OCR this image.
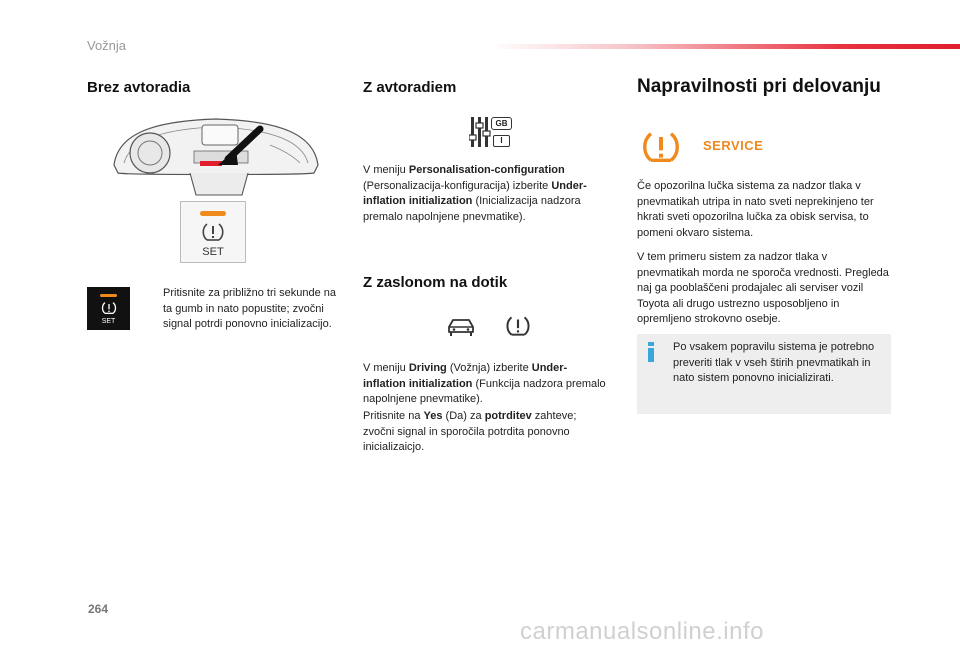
Vožnja
Brez avtoradia
SET
SET

Pritisnite za približno tri sekunde na ta gumb in nato popustite; zvočni signal potrdi ponovno inicializacijo.

Z avtoradiem
GB
I

V meniju Personalisation-configuration (Personalizacija-konfiguracija) izberite Under-inflation initialization (Inicializacija nadzora premalo napolnjene pnevmatike).

Z zaslonom na dotik

V meniju Driving (Vožnja) izberite Under-inflation initialization (Funkcija nadzora premalo napolnjene pnevmatike).

Pritisnite na Yes (Da) za potrditev zahteve; zvočni signal in sporočila potrdita ponovno inicializaicjo.

Napravilnosti pri delovanju
SERVICE

Če opozorilna lučka sistema za nadzor tlaka v pnevmatikah utripa in nato sveti neprekinjeno ter hkrati sveti opozorilna lučka za obisk servisa, to pomeni okvaro sistema.

V tem primeru sistem za nadzor tlaka v pnevmatikah morda ne sporoča vrednosti. Pregleda naj ga pooblaščeni prodajalec ali serviser vozil Toyota ali drugo ustrezno usposobljeno in opremljeno strokovno osebje.

Po vsakem popravilu sistema je potrebno preveriti tlak v vseh štirih pnevmatikah in nato sistem ponovno inicializirati.

264
carmanualsonline.info
